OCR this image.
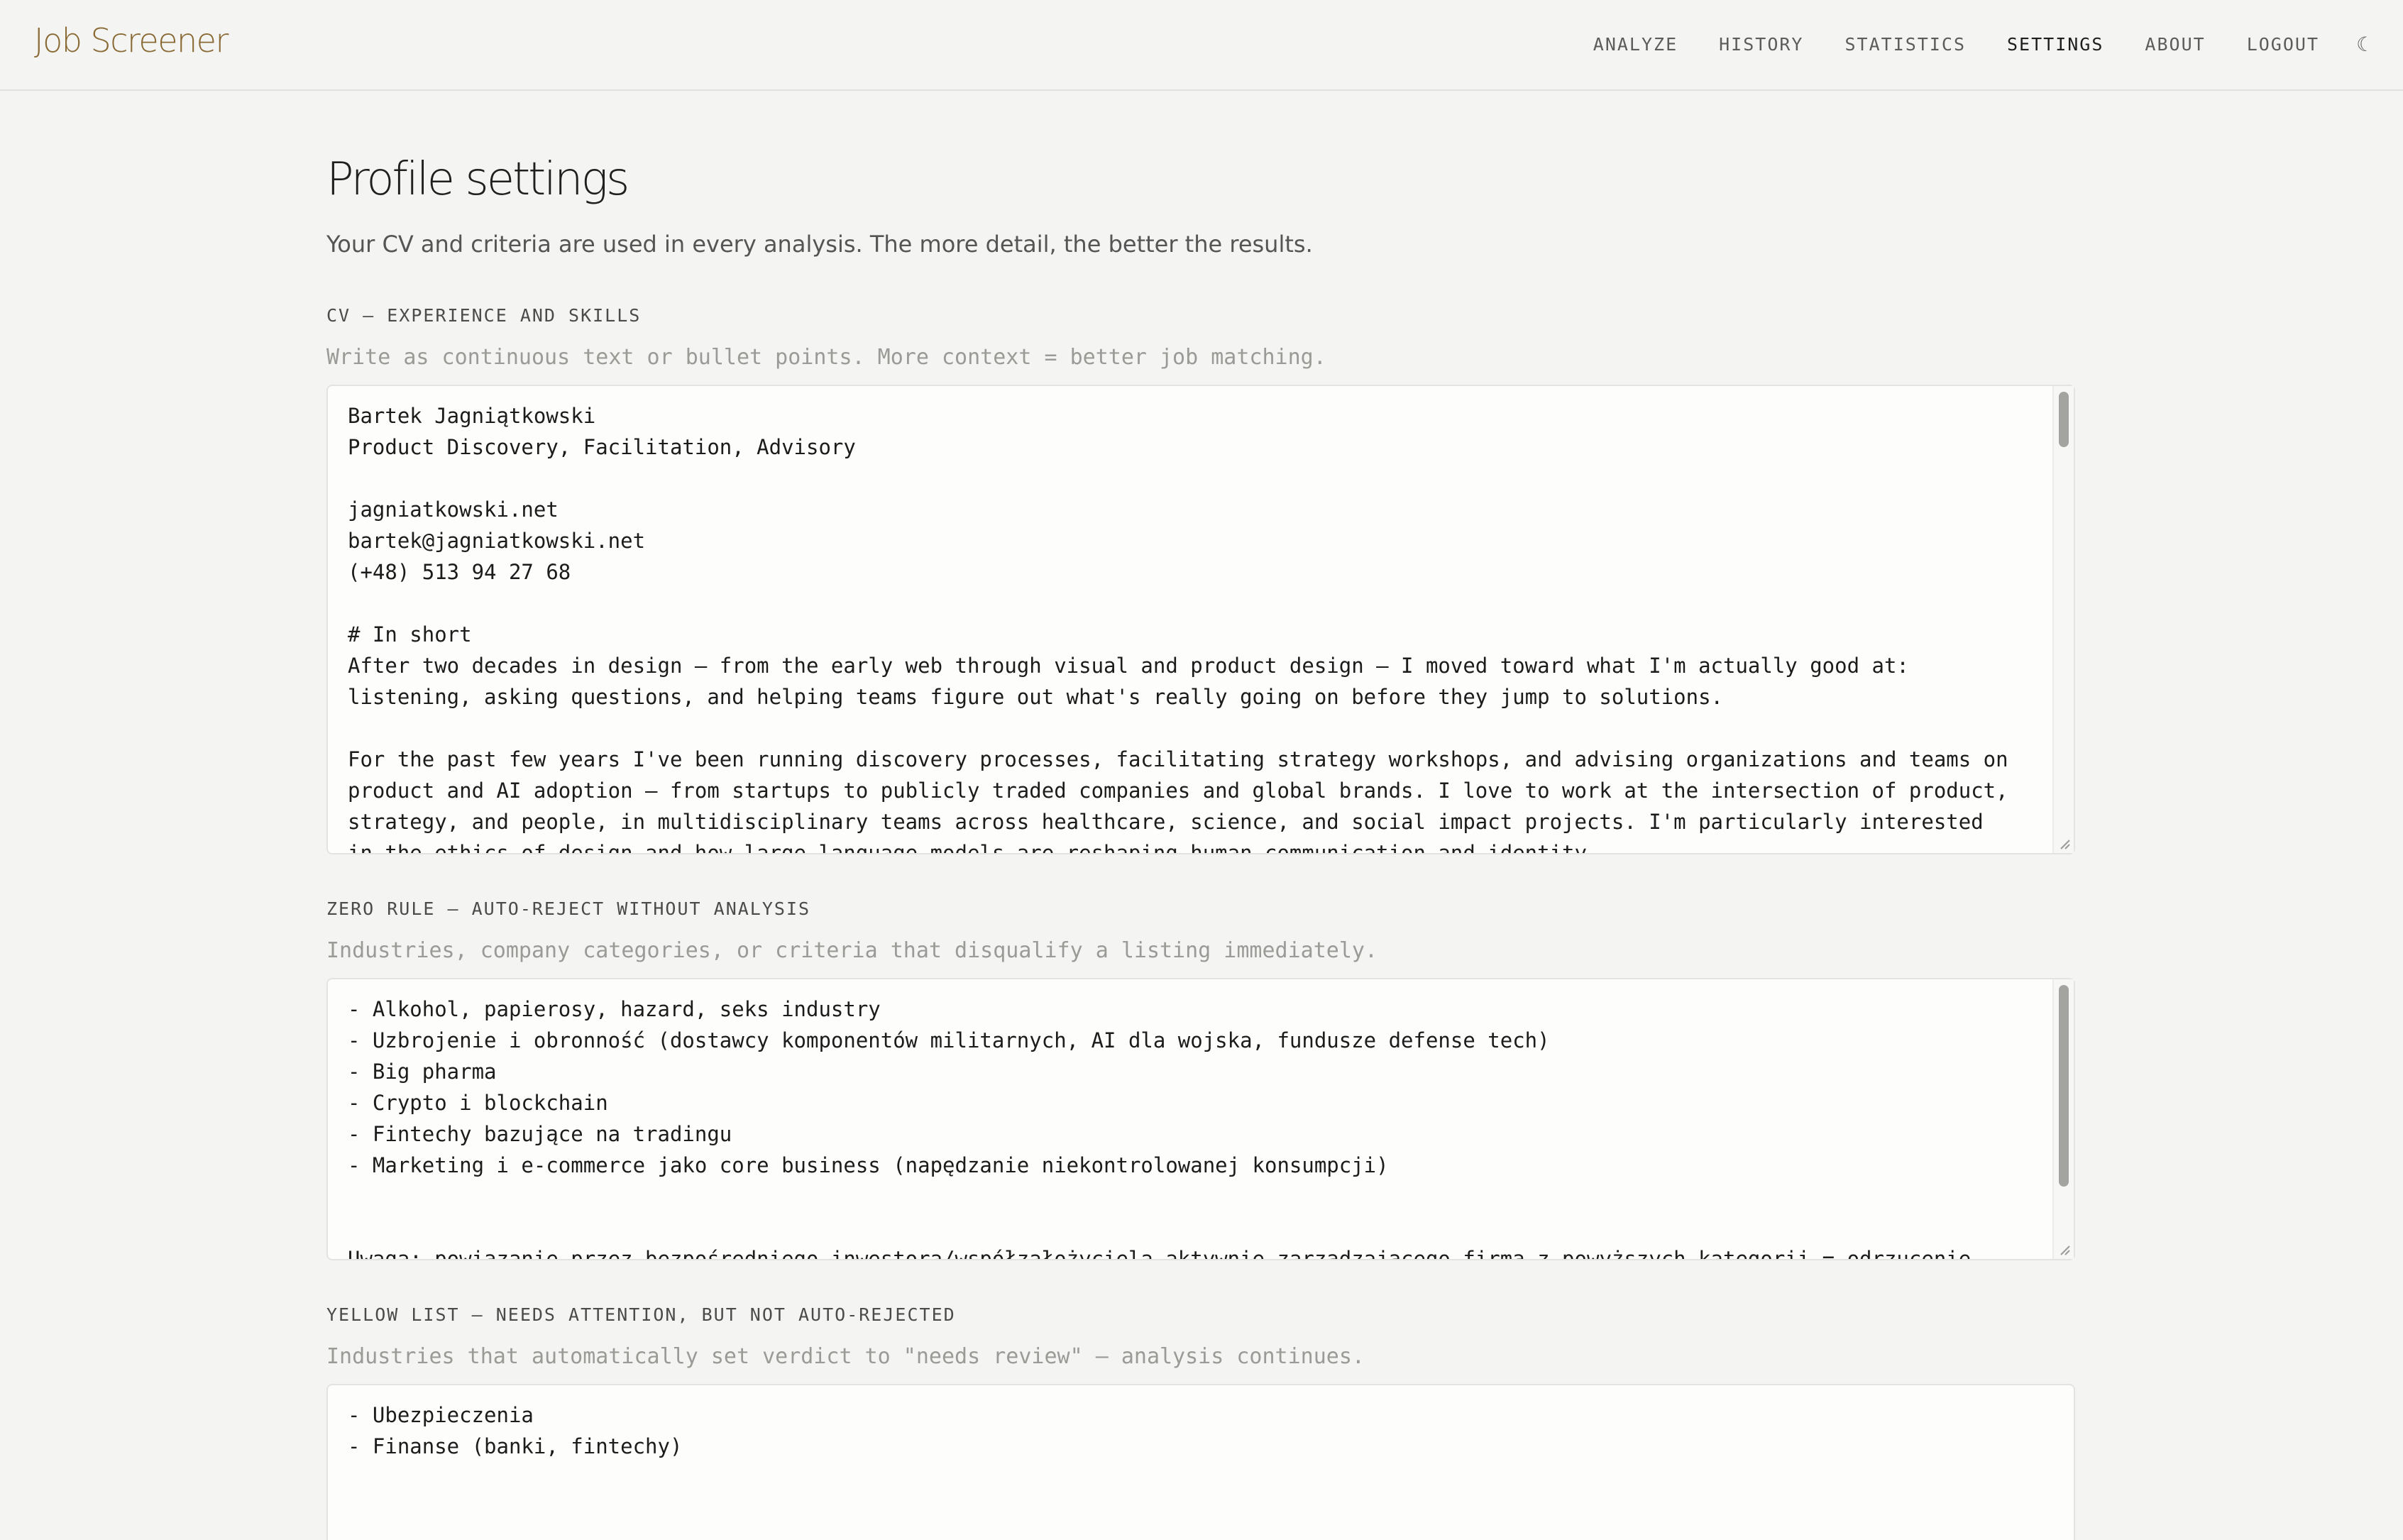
Job Screener	ANALYZE HISTORY STATISTICS SETTINGS ABOUT LOGOUT ☾
Profile settings

Your CV and criteria are used in every analysis. The more detail, the better the results.

CV — EXPERIENCE AND SKILLS
Write as continuous text or bullet points. More context = better job matching.
Bartek Jagniątkowski Product Discovery, Facilitation, Advisory jagniatkowski.net bartek@jagniatkowski.net (+48) 513 94 27 68 # In short After two decades in design — from the early web through visual and product design — I moved toward what I'm actually good at: listening, asking questions, and helping teams figure out what's really going on before they jump to solutions. For the past few years I've been running discovery processes, facilitating strategy workshops, and advising organizations and teams on product and AI adoption — from startups to publicly traded companies and global brands. I love to work at the intersection of product, strategy, and people, in multidisciplinary teams across healthcare, science, and social impact projects. I'm particularly interested in the ethics of design and how large language models are reshaping human communication and identity.
ZERO RULE — AUTO-REJECT WITHOUT ANALYSIS
Industries, company categories, or criteria that disqualify a listing immediately.
- Alkohol, papierosy, hazard, seks industry - Uzbrojenie i obronność (dostawcy komponentów militarnych, AI dla wojska, fundusze defense tech) - Big pharma - Crypto i blockchain - Fintechy bazujące na tradingu - Marketing i e-commerce jako core business (napędzanie niekontrolowanej konsumpcji) Uwaga: powiązanie przez bezpośredniego inwestora/współzałożyciela aktywnie zarządzającego firmą z powyższych kategorii = odrzucenie
YELLOW LIST — NEEDS ATTENTION, BUT NOT AUTO-REJECTED
Industries that automatically set verdict to "needs review" — analysis continues.
- Ubezpieczenia - Finanse (banki, fintechy)
